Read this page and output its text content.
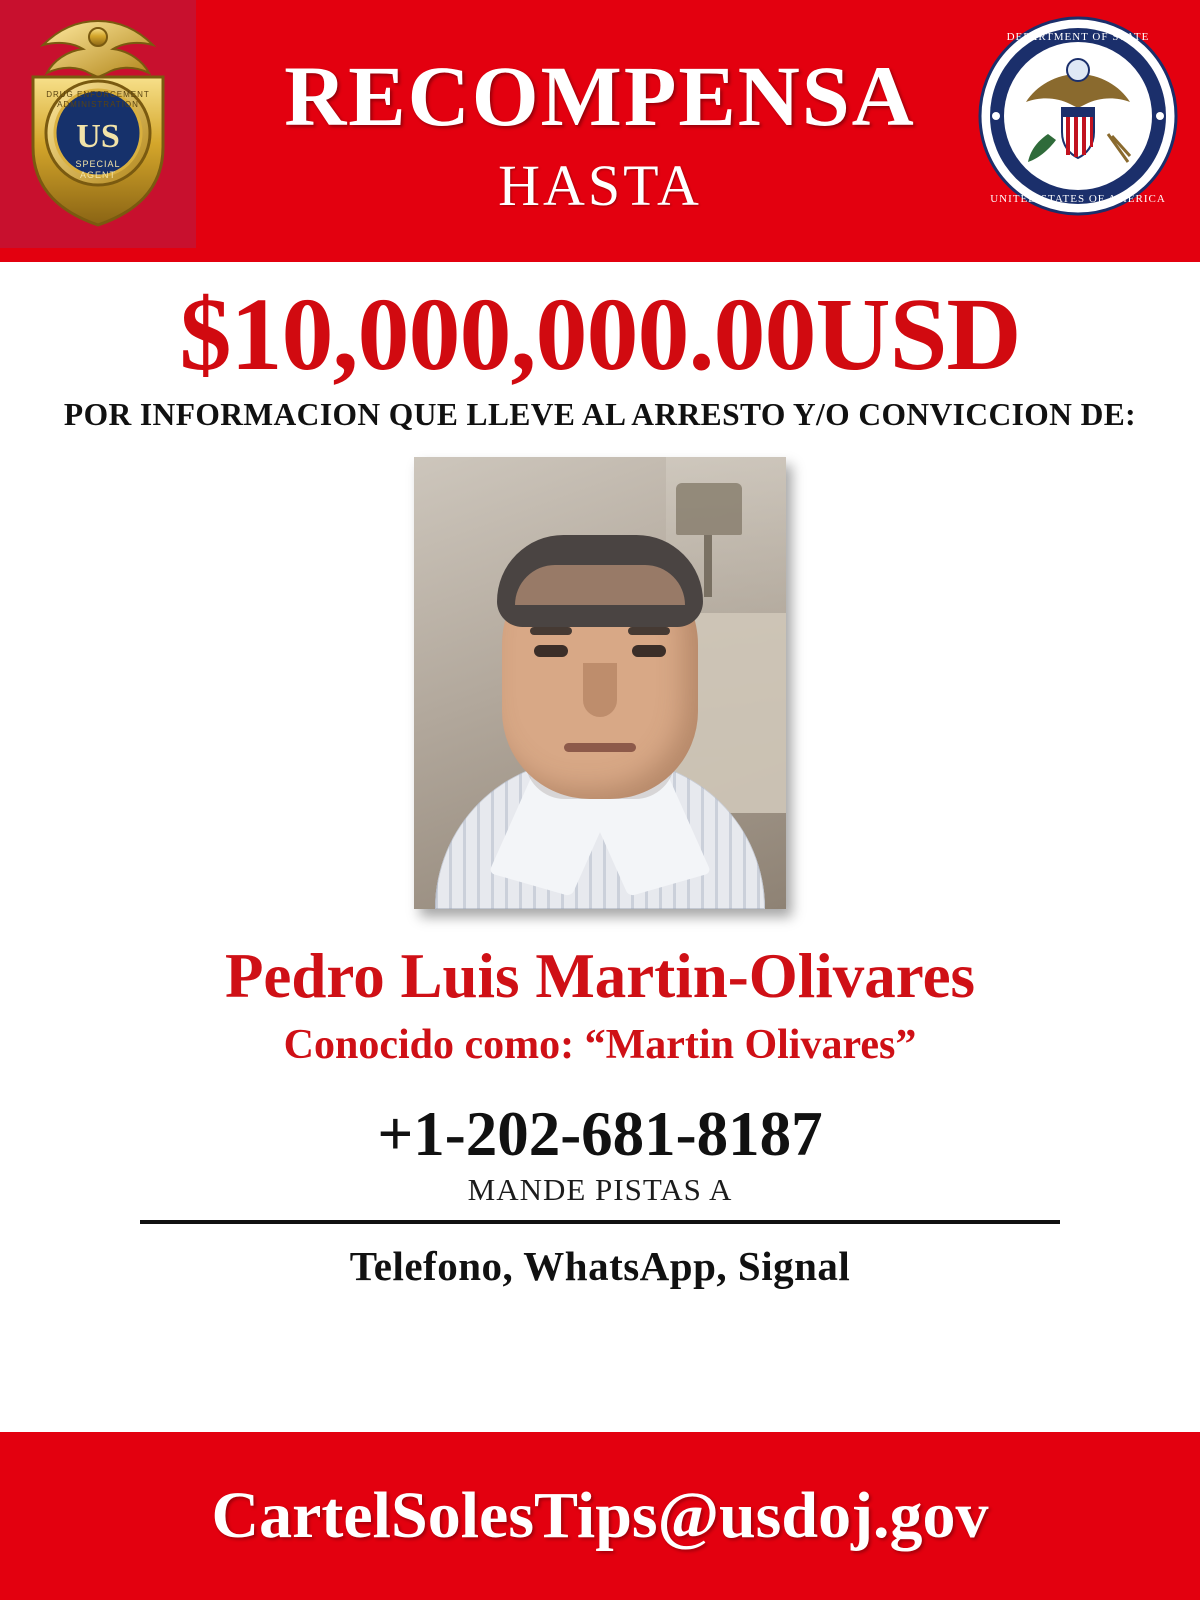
US
SPECIAL
AGENT
DRUG ENFORCEMENT
ADMINISTRATION
DEPARTMENT OF STATE
UNITED STATES OF AMERICA
RECOMPENSA
HASTA
$10,000,000.00USD
POR INFORMACION QUE LLEVE AL ARRESTO Y/O CONVICCION DE:
Pedro Luis Martin-Olivares
Conocido como: “Martin Olivares”
+1-202-681-8187
MANDE PISTAS A
Telefono, WhatsApp, Signal
CartelSolesTips@usdoj.gov
